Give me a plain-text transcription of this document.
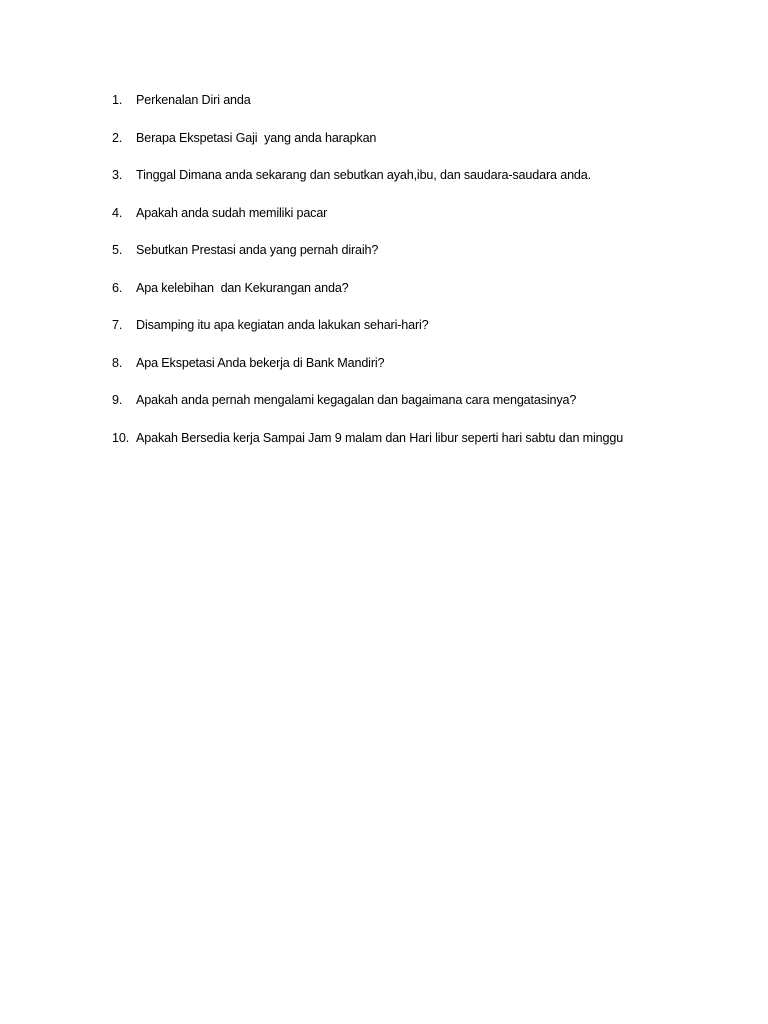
1.	Perkenalan Diri anda
2.	Berapa Ekspetasi Gaji  yang anda harapkan
3.	Tinggal Dimana anda sekarang dan sebutkan ayah,ibu, dan saudara-saudara anda.
4.	Apakah anda sudah memiliki pacar
5.	Sebutkan Prestasi anda yang pernah diraih?
6.	Apa kelebihan  dan Kekurangan anda?
7.	Disamping itu apa kegiatan anda lakukan sehari-hari?
8.	Apa Ekspetasi Anda bekerja di Bank Mandiri?
9.	Apakah anda pernah mengalami kegagalan dan bagaimana cara mengatasinya?
10. Apakah Bersedia kerja Sampai Jam 9 malam dan Hari libur seperti hari sabtu dan minggu
